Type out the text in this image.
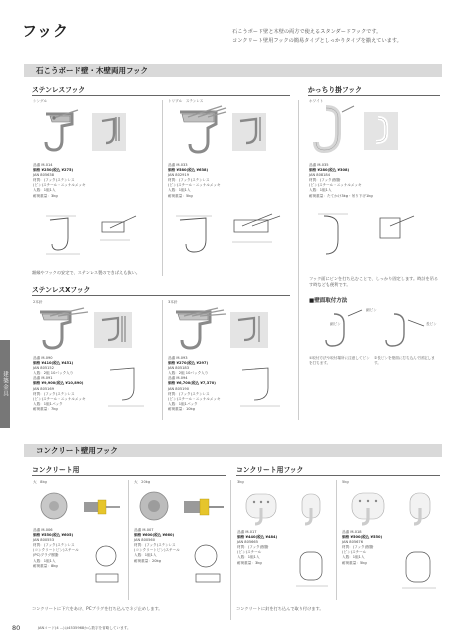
フック	石こうボード壁と木壁の両方で使えるスタンダードフックです。
コンクリート壁用フックの簡易タイプとしっかりタイプを揃えています。
石こうボード壁・木壁両用フック
ステンレスフック	かっちり掛フック
シングル
品番 M-014
価格 ¥250(税込 ¥275)
JAN 805638
材質：(フック)ステンレス
(ピン)スチール・ニッケルメッキ
入数：1組1入
耐荷重量：3kg
額縁やフックの安定で、ステンレス製のできばえも抜い。
トリプル　ステンレス
品番 M-033
価格 ¥580(税込 ¥638)
JAN 802919
材質：(フック)ステンレス
(ピン)スチール・ニッケルメッキ
入数：1組1入
耐荷重量：5kg
ホワイト
品番 M-035
価格 ¥280(税込 ¥308)
JAN 808184
材質：(フック)樹脂
(ピン)スチール・ニッケルメッキ
入数：1組1入
耐荷重量：たてかけ3kg・吊り下げ1kg
フック面にピンを打ち込むことで、しっかり固定します。時計を吊るす時なども便利です。
■壁面取付方法
細ピン
細ピン	長ピン
①取付方法や取付場所に注意してピンを打ちます。
②長ピンを壁面に打ち込んで固定します。
ステンレスXフック
2本針
品番 M-090
価格 ¥410(税込 ¥451)
JAN 805152
入数：2組 10パック入り
品番 M-091
価格 ¥9,900(税込 ¥10,890)
JAN 805169
材質：(フック)ステンレス
(ピン)スチール・ニッケルメッキ
入数：1組1パック
耐荷重量：7kg
3本針
品番 M-093
価格 ¥270(税込 ¥297)
JAN 805183
入数：2組 10パック入り
品番 M-094
価格 ¥6,700(税込 ¥7,370)
JAN 805190
材質：(フック)ステンレス
(ピン)スチール・ニッケルメッキ
入数：1組1パック
耐荷重量：10kg
建築金具
コンクリート壁用フック
コンクリート用	コンクリート用フック
大　8kg
品番 M-006
価格 ¥550(税込 ¥605)
JAN 800553
材質：(フック)ステンレス
(コンクリートピン)スチール
(PC)プラグ樹脂
入数：1組1入
耐荷重量：8kg
大　20kg
品番 M-007
価格 ¥600(税込 ¥660)
JAN 800560
材質：(フック)ステンレス
(コンクリートピン)スチール
入数：1組1入
耐荷重量：20kg
コンクリートに下穴をあけ、PCプラグを打ち込んでネジ止めします。
3kg
品番 M-017
価格 ¥440(税込 ¥484)
JAN 805665
材質：(フック)樹脂
(ピン)スチール
入数：1組1入
耐荷重量：3kg
5kg
品番 M-018
価格 ¥500(税込 ¥550)
JAN 805676
材質：(フック)樹脂
(ピン)スチール
入数：1組1入
耐荷重量：5kg
コンクリートに釘を打ち込んで取り付けます。
80	JANコード(4 ...)は4535968から数字を省略しています。
